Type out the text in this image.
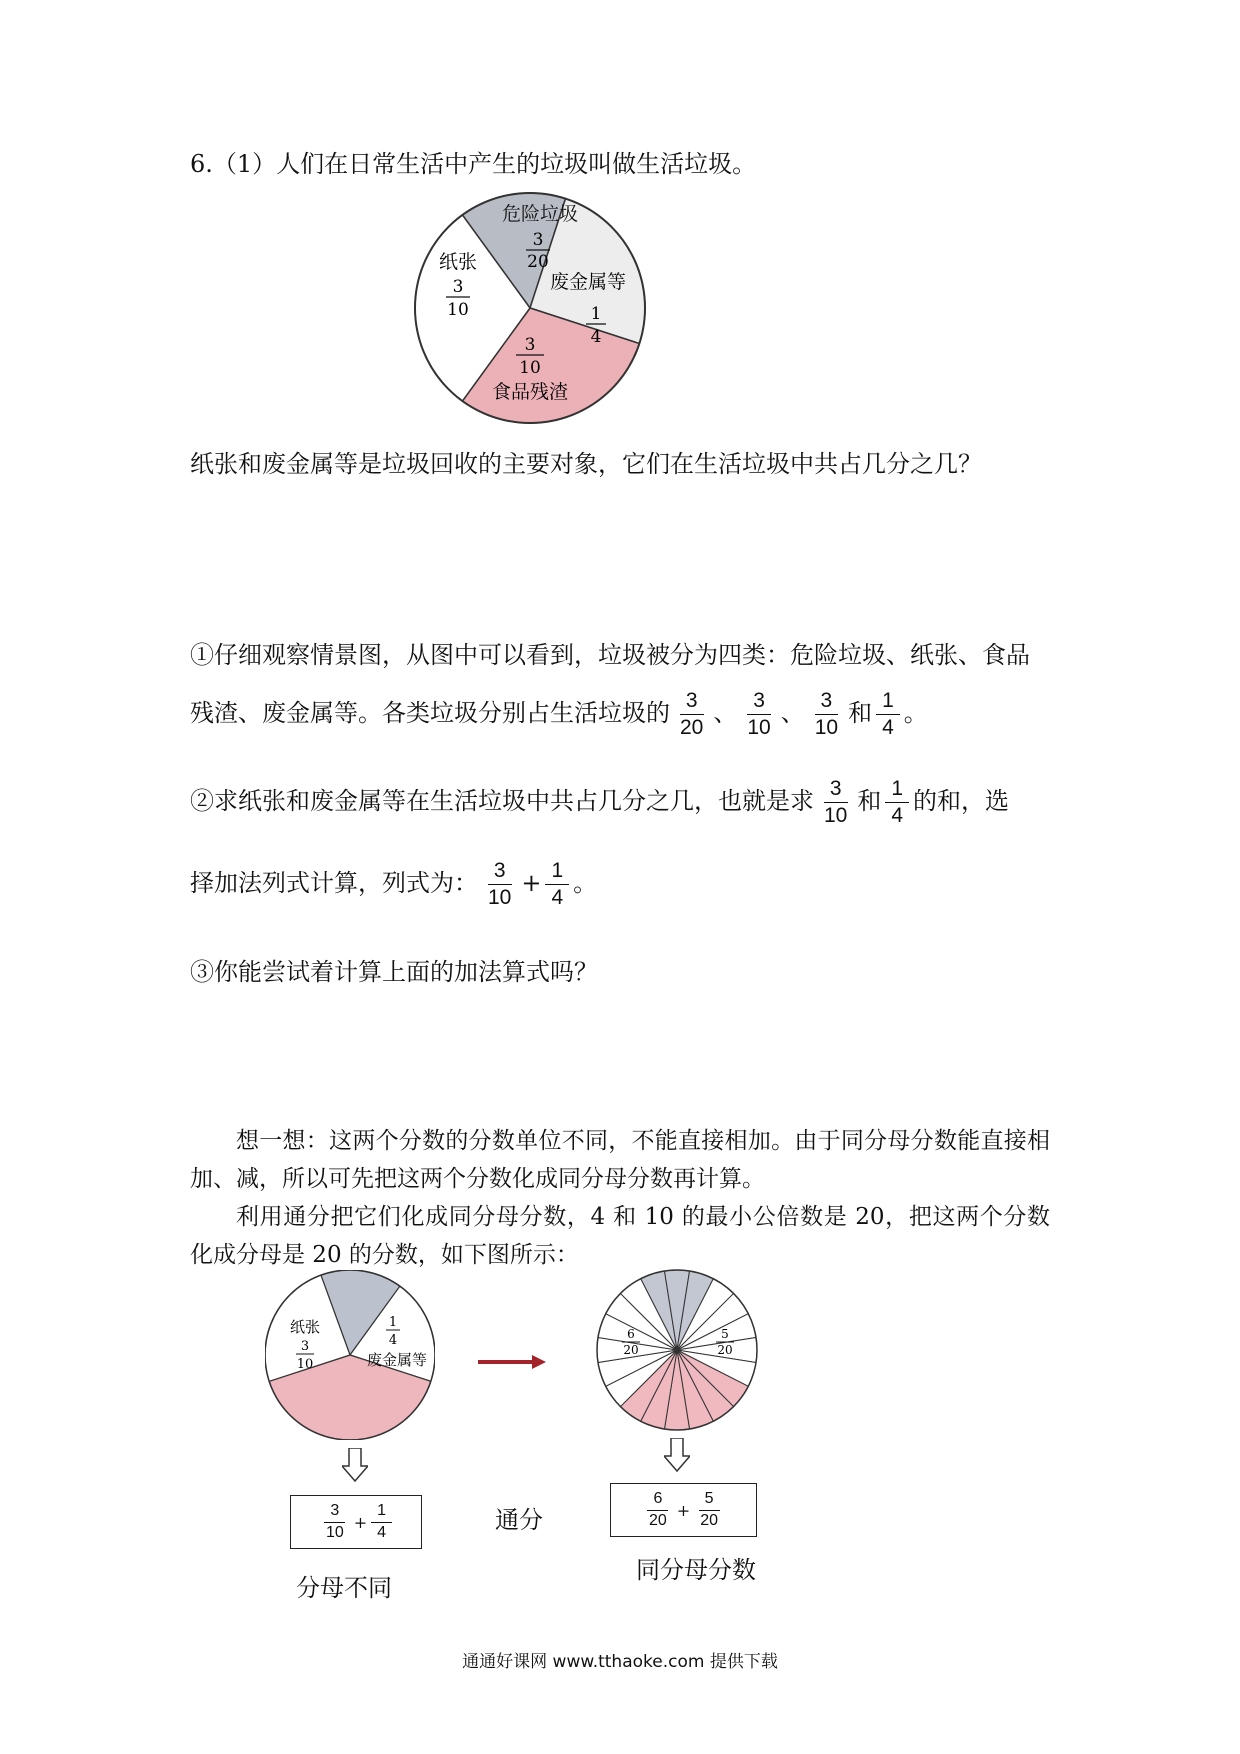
6.（1）人们在日常生活中产生的垃圾叫做生活垃圾。
危险垃圾
3
20
纸张
3
10
废金属等
1
4
3
10
食品残渣
纸张和废金属等是垃圾回收的主要对象，它们在生活垃圾中共占几分之几？
①仔细观察情景图，从图中可以看到，垃圾被分为四类：危险垃圾、纸张、食品
残渣、废金属等。各类垃圾分别占生活垃圾的 $\frac{3}{20}$ 、 $\frac{3}{10}$ 、 $\frac{3}{10}$ 和 $\frac{1}{4}$ 。
②求纸张和废金属等在生活垃圾中共占几分之几，也就是求 $\frac{3}{10}$ 和 $\frac{1}{4}$ 的和，选
择加法列式计算，列式为： $\frac{3}{10} + \frac{1}{4}$ 。
③你能尝试着计算上面的加法算式吗？

想一想：这两个分数的分数单位不同，不能直接相加。由于同分母分数能直接相加、减，所以可先把这两个分数化成同分母分数再计算。

利用通分把它们化成同分母分数，4 和 10 的最小公倍数是 20，把这两个分数化成分母是 20 的分数，如下图所示：

纸张
3
10
1
4
废金属等
6
20
5
20
$\frac{3}{10} + \frac{1}{4}$	$\frac{6}{20} + \frac{5}{20}$
通分
分母不同
同分母分数
通通好课网 www.tthaoke.com 提供下载
